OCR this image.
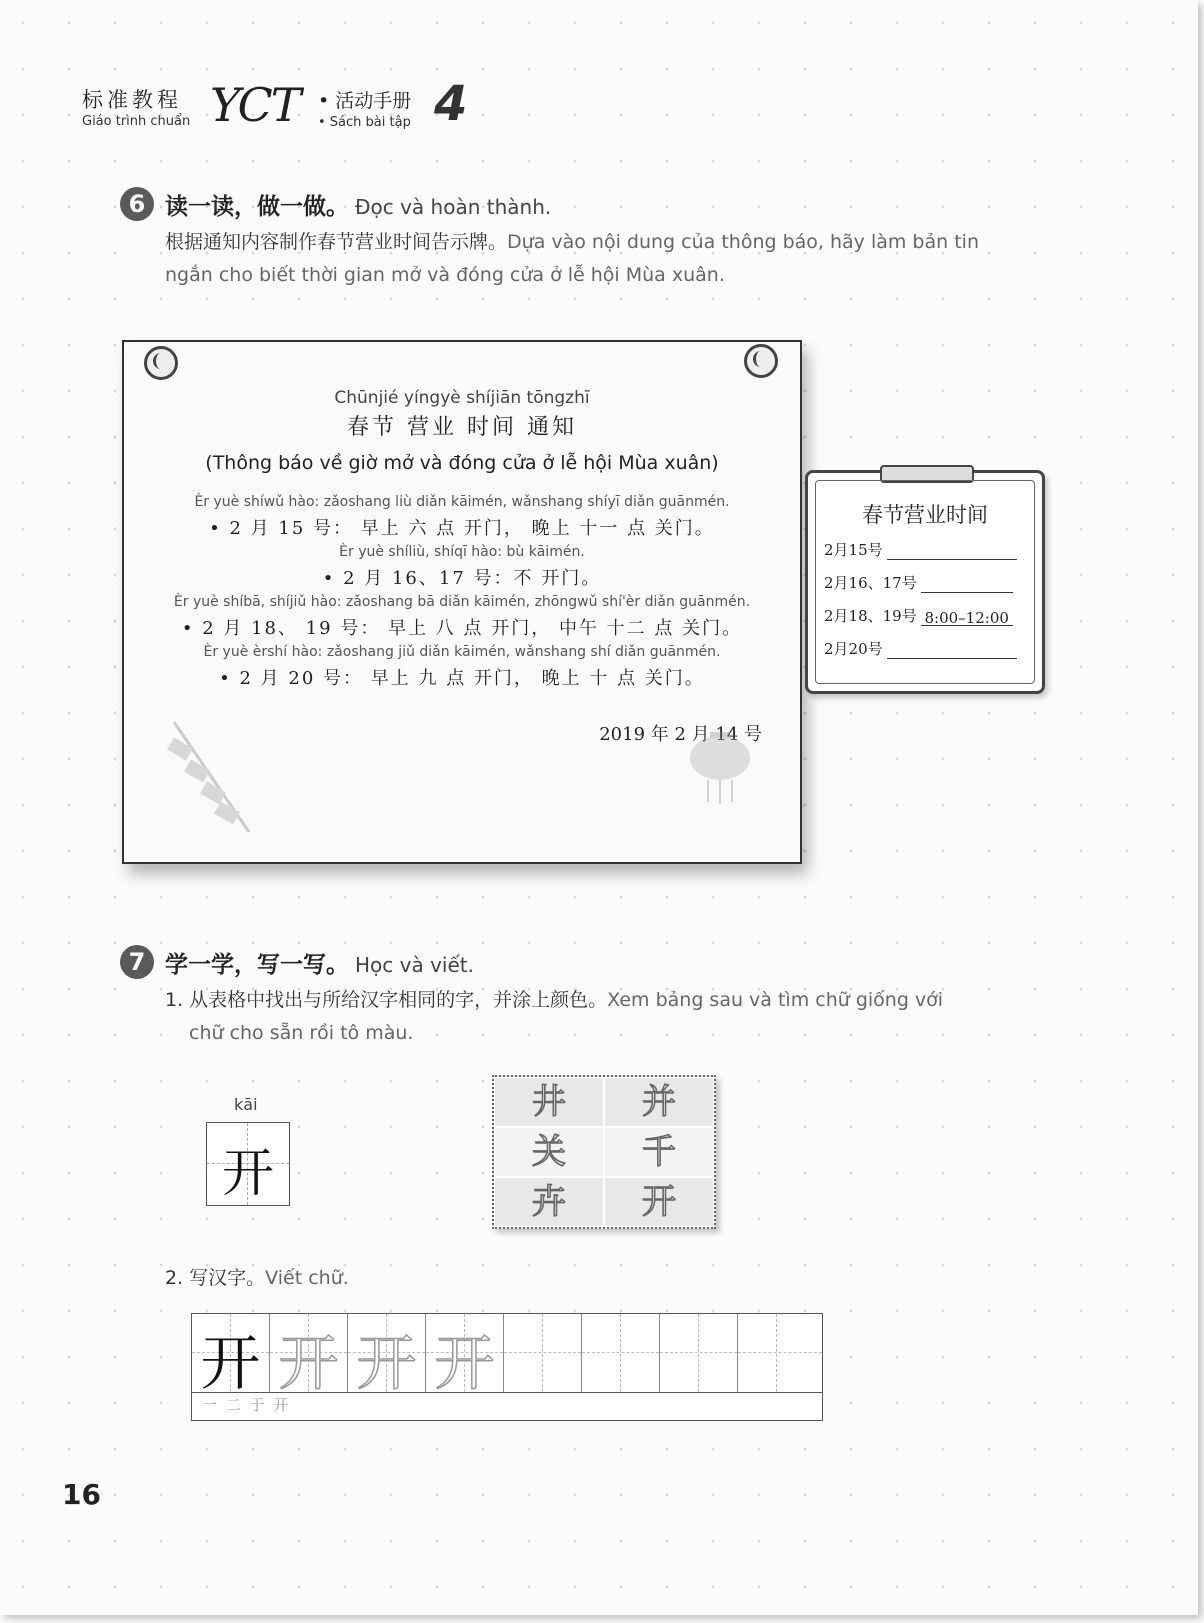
标准教程
Giáo trình chuẩn YCT • 活动手册
• Sách bài tập 4
6 读一读，做一做。 Đọc và hoàn thành.
根据通知内容制作春节营业时间告示牌。Dựa vào nội dung của thông báo, hãy làm bản tin
ngắn cho biết thời gian mở và đóng cửa ở lễ hội Mùa xuân.
Chūnjié yíngyè shíjiān tōngzhī
春节 营业 时间 通知
(Thông báo về giờ mở và đóng cửa ở lễ hội Mùa xuân)
Èr yuè shíwǔ hào: zǎoshang liù diǎn kāimén, wǎnshang shíyī diǎn guānmén.
• 2 月 15 号： 早上 六 点 开门， 晚上 十一 点 关门。
Èr yuè shíliù, shíqī hào: bù kāimén.
• 2 月 16、17 号：不 开门。
Èr yuè shíbā, shíjiǔ hào: zǎoshang bā diǎn kāimén, zhōngwǔ shí'èr diǎn guānmén.
• 2 月 18、 19 号： 早上 八 点 开门， 中午 十二 点 关门。
Èr yuè èrshí hào: zǎoshang jiǔ diǎn kāimén, wǎnshang shí diǎn guānmén.
• 2 月 20 号： 早上 九 点 开门， 晚上 十 点 关门。
2019 年 2 月 14 号
春节营业时间
2月15号
2月16、17号
2月18、19号 8:00–12:00
2月20号
7 学一学，写一写。 Học và viết.
1. 从表格中找出与所给汉字相同的字，并涂上颜色。Xem bảng sau và tìm chữ giống với
chữ cho sẵn rồi tô màu.
kāi
开
井	并
关	千
卉	开
2. 写汉字。Viết chữ.
开 开 开 开
一 二 于 开
16
